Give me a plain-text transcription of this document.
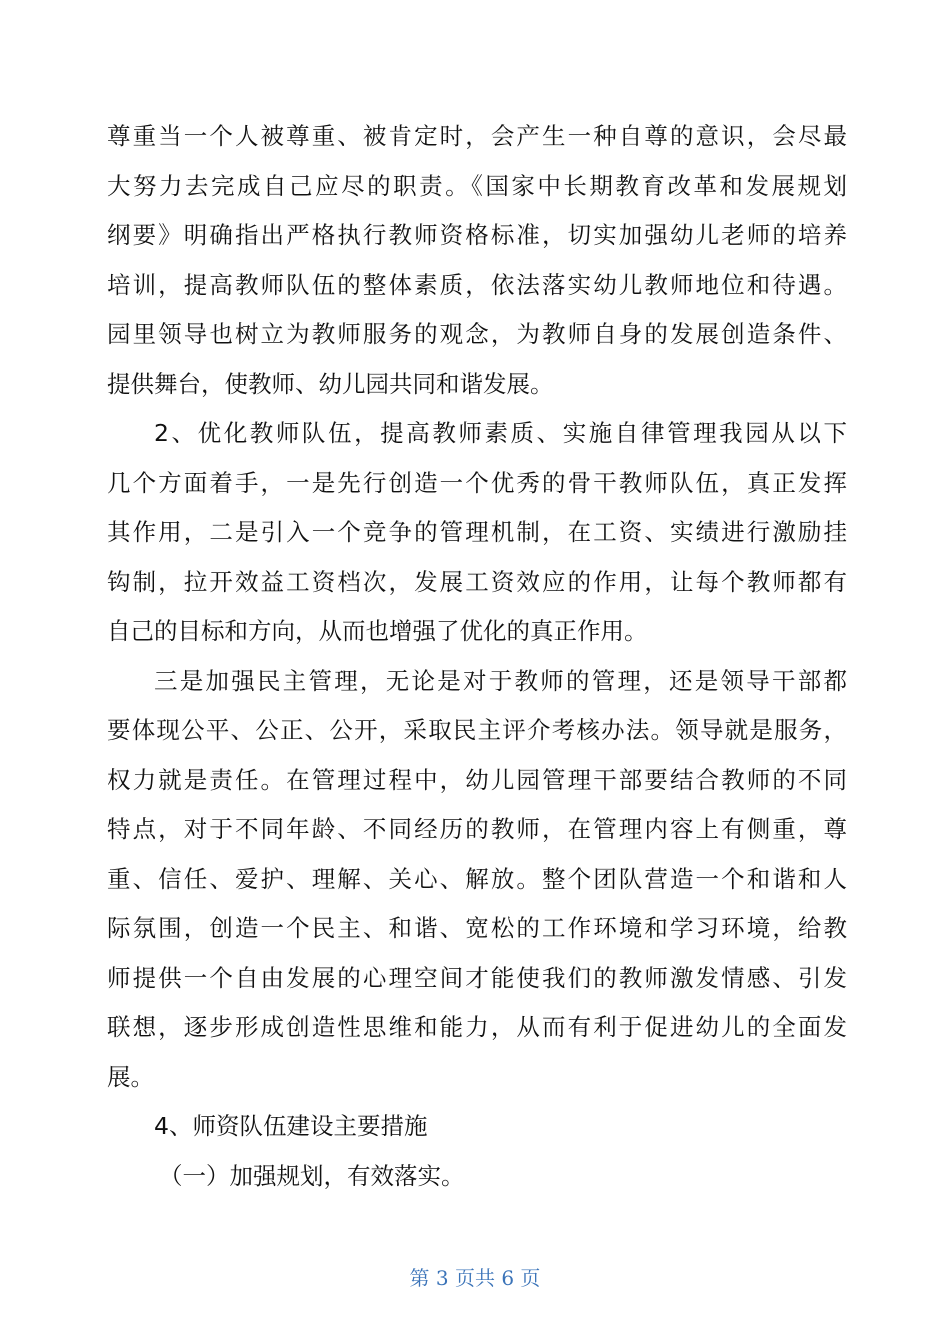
尊重当一个人被尊重、被肯定时，会产生一种自尊的意识，会尽最
大努力去完成自己应尽的职责。《国家中长期教育改革和发展规划
纲要》明确指出严格执行教师资格标准，切实加强幼儿老师的培养
培训，提高教师队伍的整体素质，依法落实幼儿教师地位和待遇。
园里领导也树立为教师服务的观念，为教师自身的发展创造条件、
提供舞台，使教师、幼儿园共同和谐发展。
2、优化教师队伍，提高教师素质、实施自律管理我园从以下
几个方面着手，一是先行创造一个优秀的骨干教师队伍，真正发挥
其作用，二是引入一个竞争的管理机制，在工资、实绩进行激励挂
钩制，拉开效益工资档次，发展工资效应的作用，让每个教师都有
自己的目标和方向，从而也增强了优化的真正作用。
三是加强民主管理，无论是对于教师的管理，还是领导干部都
要体现公平、公正、公开，采取民主评介考核办法。领导就是服务，
权力就是责任。在管理过程中，幼儿园管理干部要结合教师的不同
特点，对于不同年龄、不同经历的教师，在管理内容上有侧重，尊
重、信任、爱护、理解、关心、解放。整个团队营造一个和谐和人
际氛围，创造一个民主、和谐、宽松的工作环境和学习环境，给教
师提供一个自由发展的心理空间才能使我们的教师激发情感、引发
联想，逐步形成创造性思维和能力，从而有利于促进幼儿的全面发
展。
4、师资队伍建设主要措施
（一）加强规划，有效落实。
第 3 页共 6 页
